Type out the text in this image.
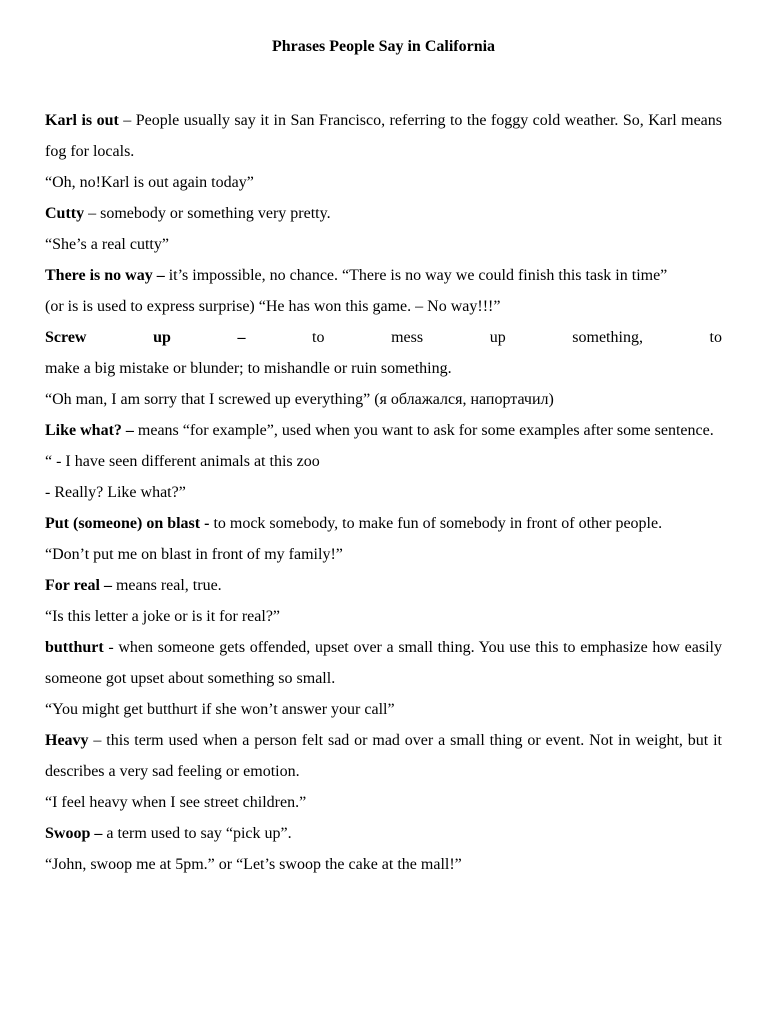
Phrases People Say in California

Karl is out – People usually say it in San Francisco, referring to the foggy cold weather. So, Karl means fog for locals.

“Oh, no!Karl is out again today”

Cutty – somebody or something very pretty.

“She’s a real cutty”

There is no way – it’s impossible, no chance. “There is no way we could finish this task in time”

(or is is used to express surprise) “He has won this game. – No way!!!”

Screw	up	–	to	mess	up	something,	to

make a big mistake or blunder; to mishandle or ruin something.

“Oh man, I am sorry that I screwed up everything” (я облажался, напортачил)

Like what? – means “for example”, used when you want to ask for some examples after some sentence.

“ - I have seen different animals at this zoo

- Really? Like what?”

Put (someone) on blast - to mock somebody, to make fun of somebody in front of other people.

“Don’t put me on blast in front of my family!”

For real – means real, true.

“Is this letter a joke or is it for real?”

butthurt - when someone gets offended, upset over a small thing. You use this to emphasize how easily someone got upset about something so small.

“You might get butthurt if she won’t answer your call”

Heavy – this term used when a person felt sad or mad over a small thing or event. Not in weight, but it describes a very sad feeling or emotion.

“I feel heavy when I see street children.”

Swoop – a term used to say “pick up”.

“John, swoop me at 5pm.” or “Let’s swoop the cake at the mall!”
